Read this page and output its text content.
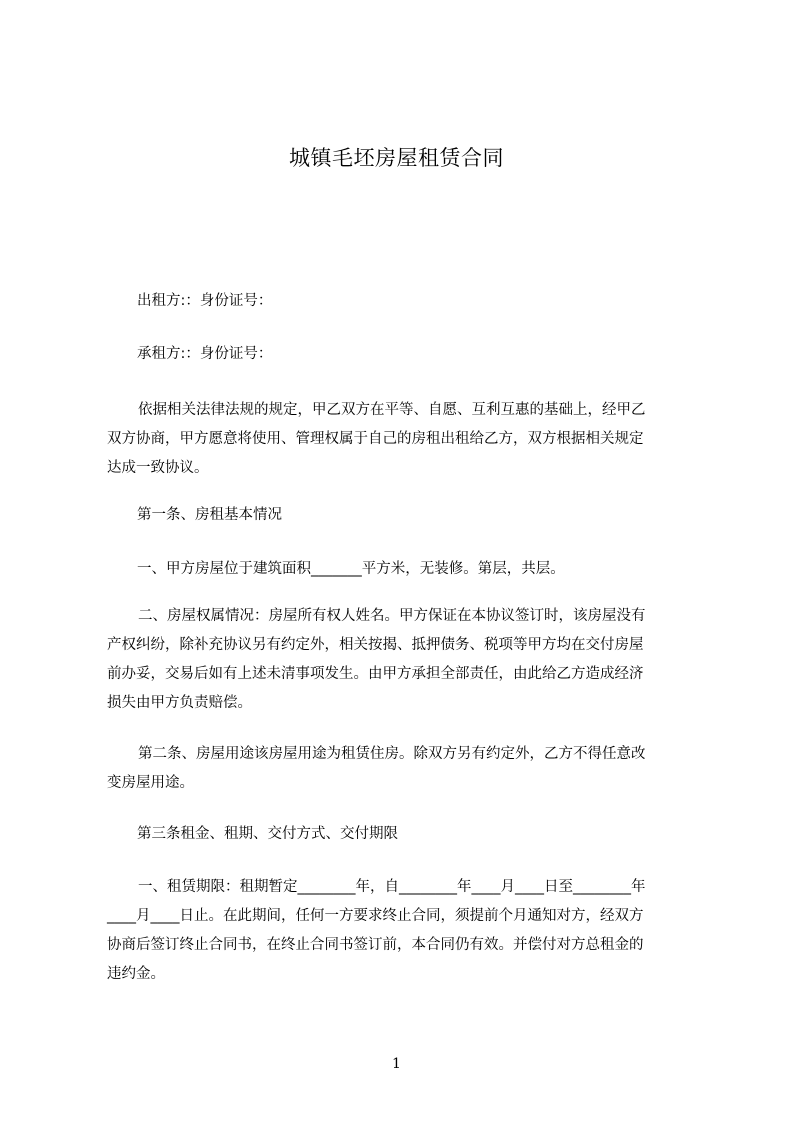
城镇毛坯房屋租赁合同
出租方:：身份证号：
承租方:：身份证号：
依据相关法律法规的规定，甲乙双方在平等、自愿、互利互惠的基础上，经甲乙
双方协商，甲方愿意将使用、管理权属于自己的房租出租给乙方，双方根据相关规定
达成一致协议。
第一条、房租基本情况
一、甲方房屋位于建筑面积_______平方米，无装修。第层，共层。
二、房屋权属情况：房屋所有权人姓名。甲方保证在本协议签订时，该房屋没有
产权纠纷，除补充协议另有约定外，相关按揭、抵押债务、税项等甲方均在交付房屋
前办妥，交易后如有上述未清事项发生。由甲方承担全部责任，由此给乙方造成经济
损失由甲方负责赔偿。
第二条、房屋用途该房屋用途为租赁住房。除双方另有约定外，乙方不得任意改
变房屋用途。
第三条租金、租期、交付方式、交付期限
一、租赁期限：租期暂定________年，自________年____月____日至________年
____月____日止。在此期间，任何一方要求终止合同，须提前个月通知对方，经双方
协商后签订终止合同书，在终止合同书签订前，本合同仍有效。并偿付对方总租金的
违约金。
1
